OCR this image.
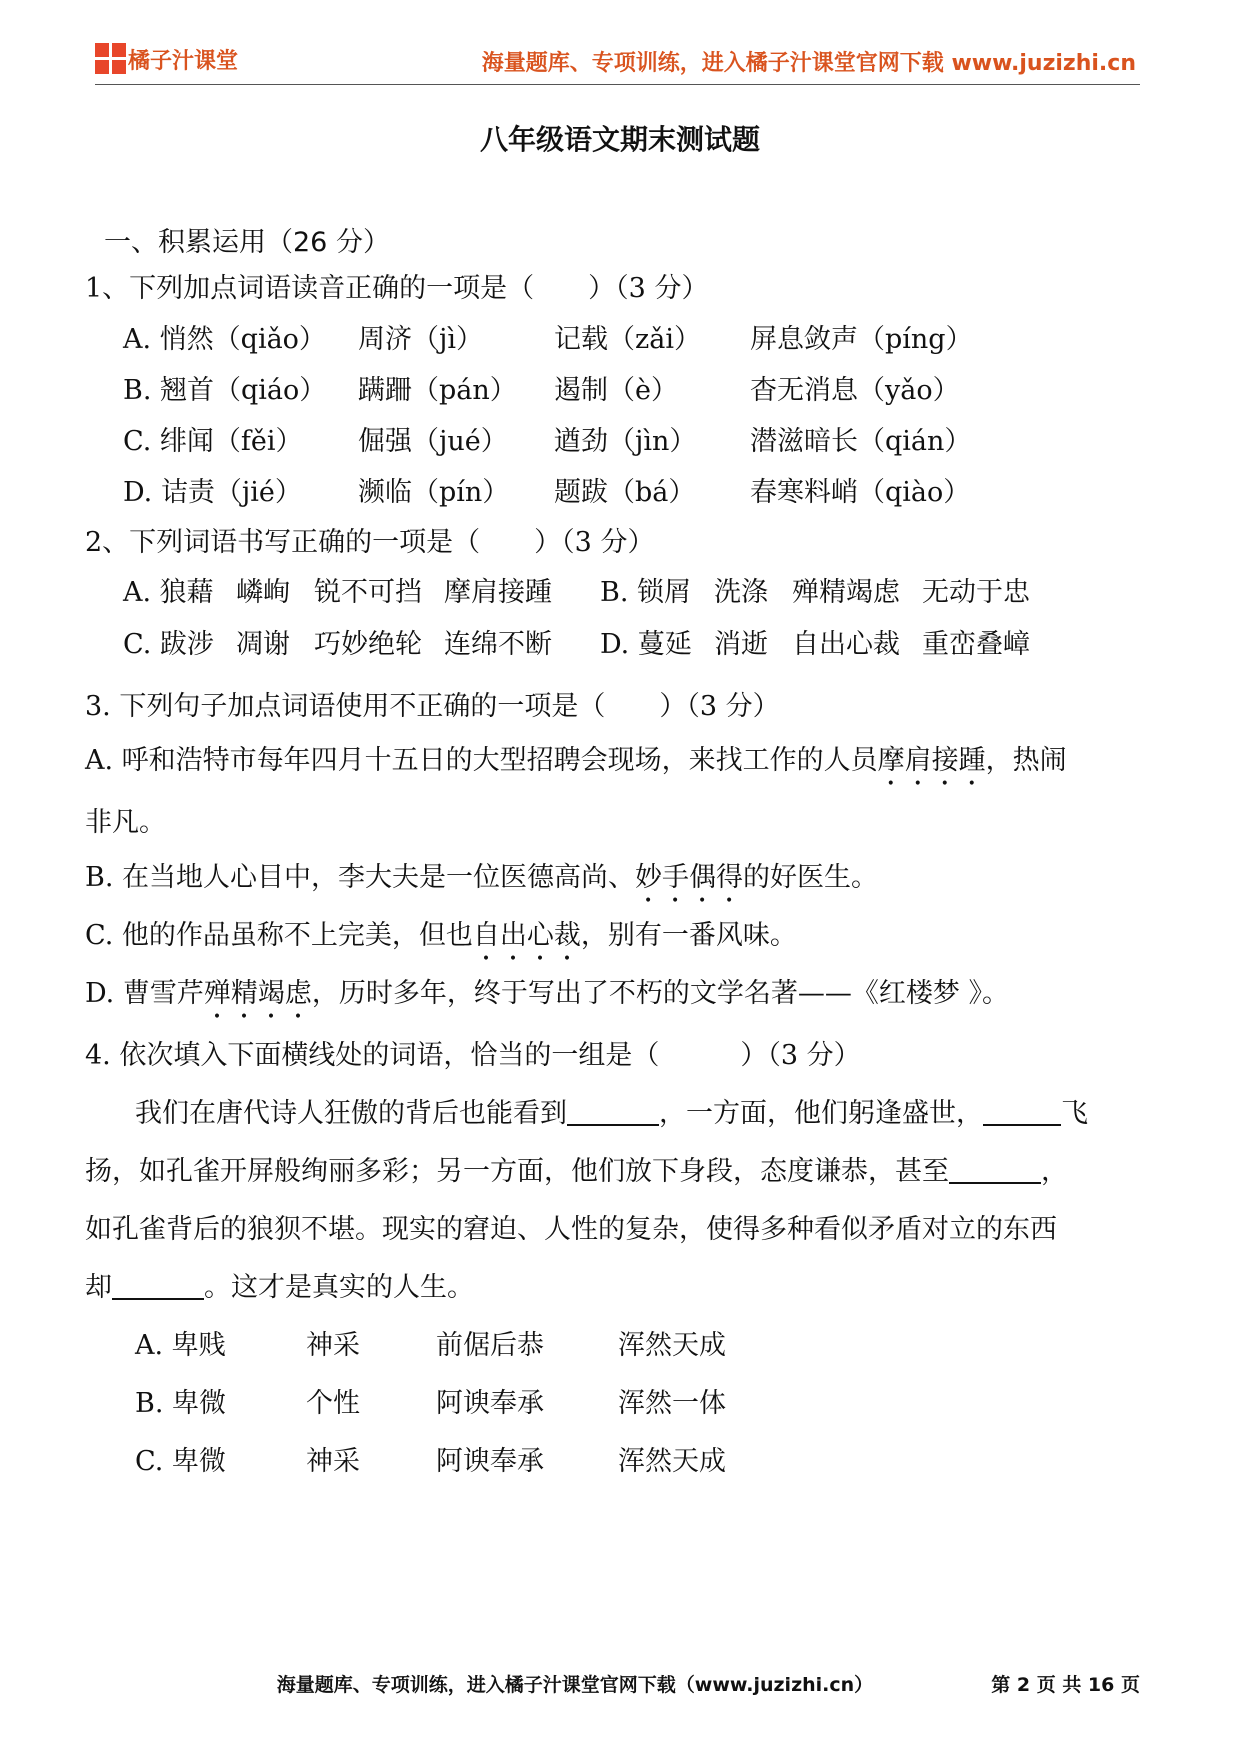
橘子汁课堂	海量题库、专项训练，进入橘子汁课堂官网下载 www.juzizhi.cn
八年级语文期末测试题
一、积累运用（26 分）
1、下列加点词语读音正确的一项是（　　）（3 分）
A. 悄然（qiǎo） 周济（jì）	记载（zǎi） 屏息敛声（píng）
B. 翘首（qiáo） 蹒跚（pán） 遏制（è）	杳无消息（yǎo）
C. 绯闻（fěi） 倔强（jué） 遒劲（jìn） 潜滋暗长（qián）
D. 诘责（jié） 濒临（pín） 题跋（bá） 春寒料峭（qiào）
2、下列词语书写正确的一项是（　　）（3 分）
A. 狼藉 嶙峋 锐不可挡 摩肩接踵 B. 锁屑 洗涤 殚精竭虑 无动于忠
C. 跋涉 凋谢 巧妙绝轮 连绵不断 D. 蔓延 消逝 自出心裁 重峦叠嶂
3. 下列句子加点词语使用不正确的一项是（　　）（3 分）
A. 呼和浩特市每年四月十五日的大型招聘会现场，来找工作的人员摩肩接踵，热闹
非凡。
B. 在当地人心目中，李大夫是一位医德高尚、妙手偶得的好医生。
C. 他的作品虽称不上完美，但也自出心裁，别有一番风味。
D. 曹雪芹殚精竭虑，历时多年，终于写出了不朽的文学名著——《红楼梦 》。
4. 依次填入下面横线处的词语，恰当的一组是（　　　）（3 分）
我们在唐代诗人狂傲的背后也能看到	，一方面，他们躬逢盛世，	飞
扬，如孔雀开屏般绚丽多彩；另一方面，他们放下身段，态度谦恭，甚至	，
如孔雀背后的狼狈不堪。现实的窘迫、人性的复杂，使得多种看似矛盾对立的东西
却	。这才是真实的人生。
A. 卑贱	神采	前倨后恭	浑然天成
B. 卑微	个性	阿谀奉承	浑然一体
C. 卑微	神采	阿谀奉承	浑然天成
海量题库、专项训练，进入橘子汁课堂官网下载（www.juzizhi.cn）	第 2 页 共 16 页
